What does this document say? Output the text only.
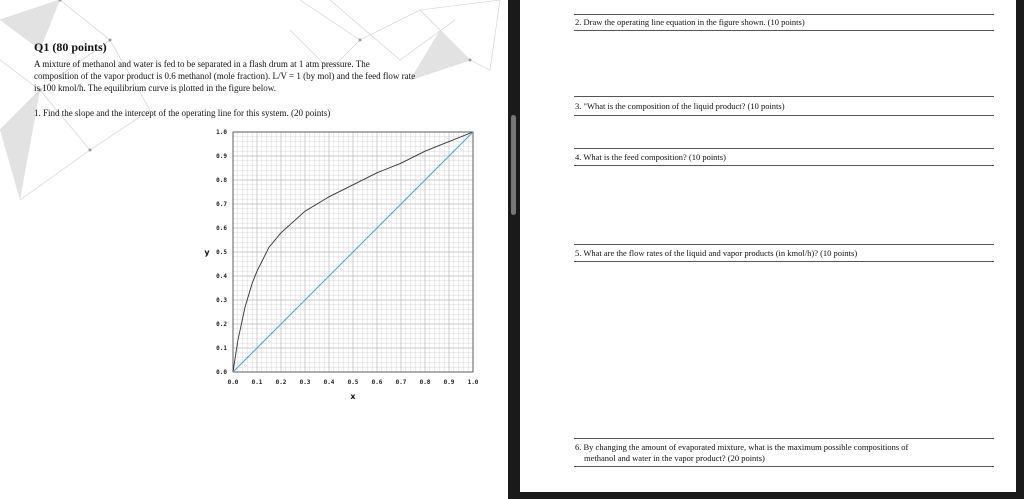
Q1 (80 points)
A mixture of methanol and water is fed to be separated in a flash drum at 1 atm pressure. The
composition of the vapor product is 0.6 methanol (mole fraction). L/V = 1 (by mol) and the feed flow rate
is 100 kmol/h. The equilibrium curve is plotted in the figure below.
1. Find the slope and the intercept of the operating line for this system. (20 points)
0.0 0.1 0.2 0.3 0.4 0.5 0.6 0.7 0.8 0.9 1.0
0.0
0.1
0.2
0.3
0.4
0.5
0.6
0.7
0.8
0.9
1.0
x
y
2. Draw the operating line equation in the figure shown. (10 points)
3. "What is the composition of the liquid product? (10 points)
4. What is the feed composition? (10 points)
5. What are the flow rates of the liquid and vapor products (in kmol/h)? (10 points)
6. By changing the amount of evaporated mixture, what is the maximum possible compositions of
methanol and water in the vapor product? (20 points)
